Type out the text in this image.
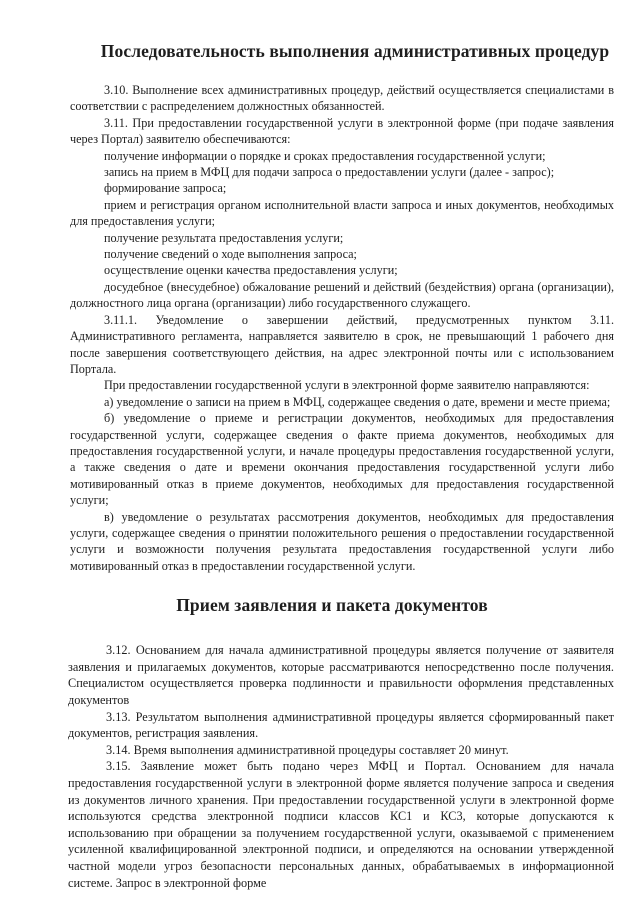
Последовательность выполнения административных процедур

3.10. Выполнение всех административных процедур, действий осуществляется специалистами в соответствии с распределением должностных обязанностей.

3.11. При предоставлении государственной услуги в электронной форме (при подаче заявления через Портал) заявителю обеспечиваются:

получение информации о порядке и сроках предоставления государственной услуги;

запись на прием в МФЦ для подачи запроса о предоставлении услуги (далее - запрос);

формирование запроса;

прием и регистрация органом исполнительной власти запроса и иных документов, необходимых для предоставления услуги;

получение результата предоставления услуги;

получение сведений о ходе выполнения запроса;

осуществление оценки качества предоставления услуги;

досудебное (внесудебное) обжалование решений и действий (бездействия) органа (организации), должностного лица органа (организации) либо государственного служащего.

3.11.1. Уведомление о завершении действий, предусмотренных пунктом 3.11. Административного регламента, направляется заявителю в срок, не превышающий 1 рабочего дня после завершения соответствующего действия, на адрес электронной почты или с использованием Портала.

При предоставлении государственной услуги в электронной форме заявителю направляются:

а) уведомление о записи на прием в МФЦ, содержащее сведения о дате, времени и месте приема;

б) уведомление о приеме и регистрации документов, необходимых для предоставления государственной услуги, содержащее сведения о факте приема документов, необходимых для предоставления государственной услуги, и начале процедуры предоставления государственной услуги, а также сведения о дате и времени окончания предоставления государственной услуги либо мотивированный отказ в приеме документов, необходимых для предоставления государственной услуги;

в) уведомление о результатах рассмотрения документов, необходимых для предоставления услуги, содержащее сведения о принятии положительного решения о предоставлении государственной услуги и возможности получения результата предоставления государственной услуги либо мотивированный отказ в предоставлении государственной услуги.

Прием заявления и пакета документов

3.12. Основанием для начала административной процедуры является получение от заявителя заявления и прилагаемых документов, которые рассматриваются непосредственно после получения. Специалистом осуществляется проверка подлинности и правильности оформления представленных документов

3.13. Результатом выполнения административной процедуры является сформированный пакет документов, регистрация заявления.

3.14. Время выполнения административной процедуры составляет 20 минут.

3.15. Заявление может быть подано через МФЦ и Портал. Основанием для начала предоставления государственной услуги в электронной форме является получение запроса и сведения из документов личного хранения. При предоставлении государственной услуги в электронной форме используются средства электронной подписи классов КС1 и КС3, которые допускаются к использованию при обращении за получением государственной услуги, оказываемой с применением усиленной квалифицированной электронной подписи, и определяются на основании утвержденной частной модели угроз безопасности персональных данных, обрабатываемых в информационной системе. Запрос в электронной форме
